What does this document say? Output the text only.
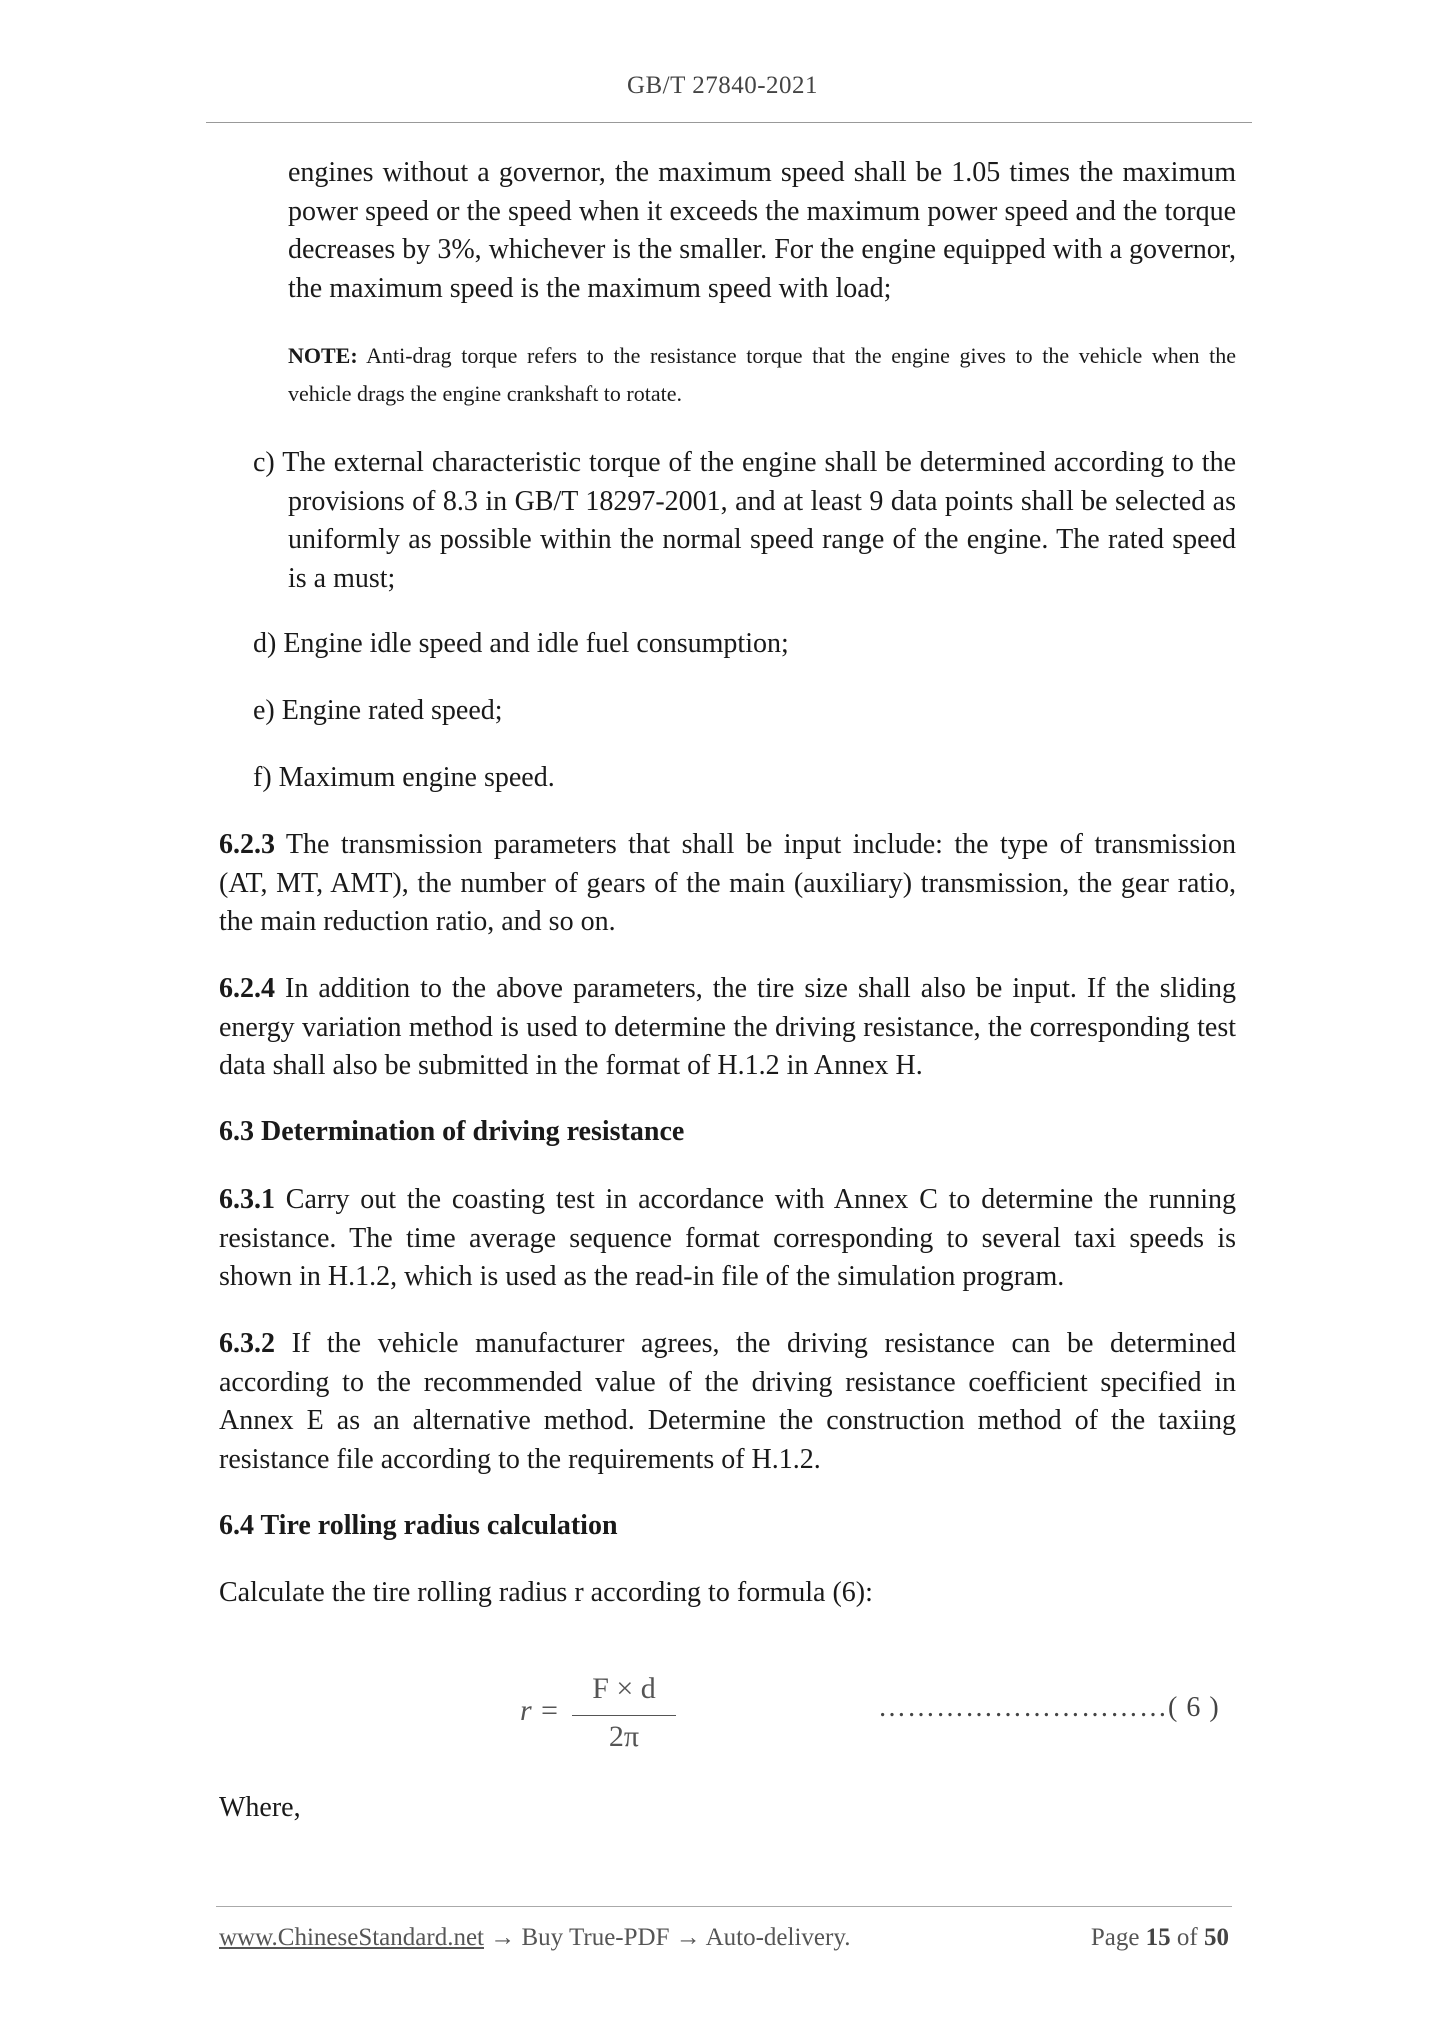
GB/T 27840-2021

engines without a governor, the maximum speed shall be 1.05 times the maximum power speed or the speed when it exceeds the maximum power speed and the torque decreases by 3%, whichever is the smaller. For the engine equipped with a governor, the maximum speed is the maximum speed with load;

NOTE: Anti-drag torque refers to the resistance torque that the engine gives to the vehicle when the vehicle drags the engine crankshaft to rotate.

c) The external characteristic torque of the engine shall be determined according to the provisions of 8.3 in GB/T 18297-2001, and at least 9 data points shall be selected as uniformly as possible within the normal speed range of the engine. The rated speed is a must;

d) Engine idle speed and idle fuel consumption;

e) Engine rated speed;

f) Maximum engine speed.

6.2.3 The transmission parameters that shall be input include: the type of transmission (AT, MT, AMT), the number of gears of the main (auxiliary) transmission, the gear ratio, the main reduction ratio, and so on.

6.2.4 In addition to the above parameters, the tire size shall also be input. If the sliding energy variation method is used to determine the driving resistance, the corresponding test data shall also be submitted in the format of H.1.2 in Annex H.

6.3 Determination of driving resistance

6.3.1 Carry out the coasting test in accordance with Annex C to determine the running resistance. The time average sequence format corresponding to several taxi speeds is shown in H.1.2, which is used as the read-in file of the simulation program.

6.3.2 If the vehicle manufacturer agrees, the driving resistance can be determined according to the recommended value of the driving resistance coefficient specified in Annex E as an alternative method. Determine the construction method of the taxiing resistance file according to the requirements of H.1.2.

6.4 Tire rolling radius calculation

Calculate the tire rolling radius r according to formula (6):

r =
F × d
2π
…………………………( 6 )

Where,

www.ChineseStandard.net → Buy True-PDF → Auto-delivery.	Page 15 of 50
